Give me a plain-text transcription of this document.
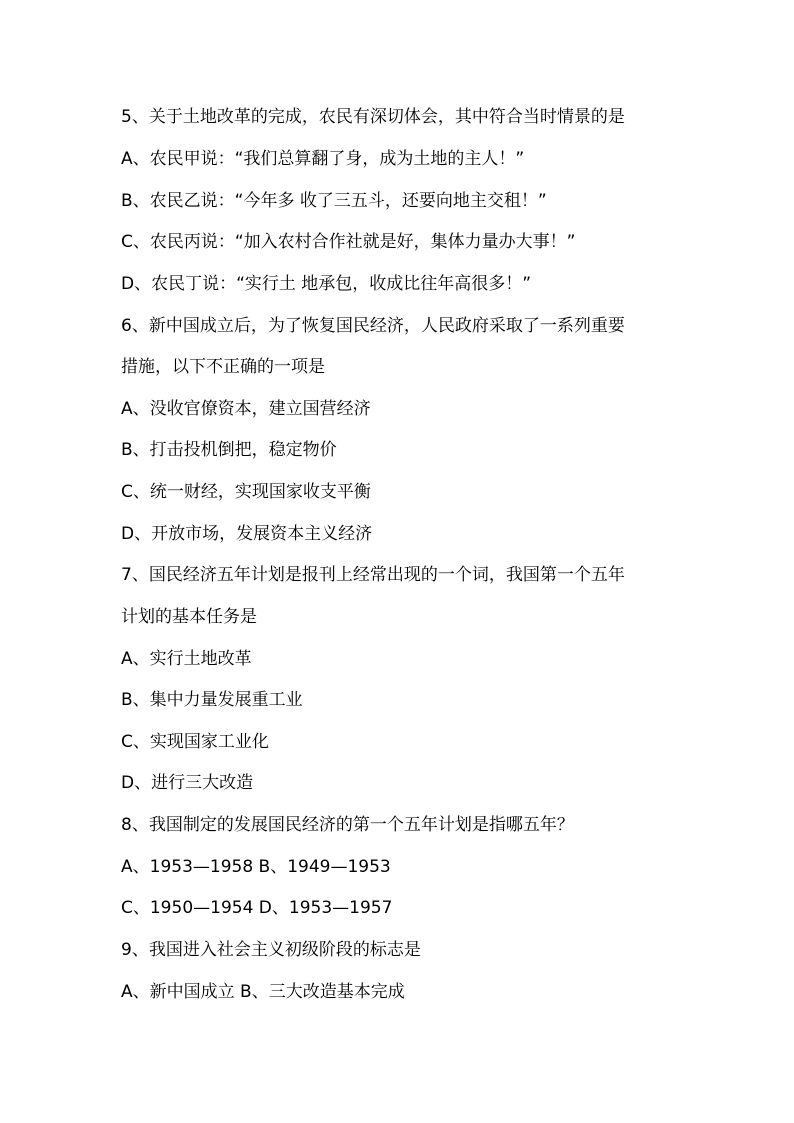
5、关于土地改革的完成，农民有深切体会，其中符合当时情景的是
A、农民甲说：“我们总算翻了身，成为土地的主人！”
B、农民乙说：“今年多 收了三五斗，还要向地主交租！”
C、农民丙说：“加入农村合作社就是好，集体力量办大事！”
D、农民丁说：“实行土 地承包，收成比往年高很多！”
6、新中国成立后，为了恢复国民经济，人民政府采取了一系列重要
措施，以下不正确的一项是
A、没收官僚资本，建立国营经济
B、打击投机倒把，稳定物价
C、统一财经，实现国家收支平衡
D、开放市场，发展资本主义经济
7、国民经济五年计划是报刊上经常出现的一个词，我国第一个五年
计划的基本任务是
A、实行土地改革
B、集中力量发展重工业
C、实现国家工业化
D、进行三大改造
8、我国制定的发展国民经济的第一个五年计划是指哪五年？
A、1953—1958 B、1949—1953
C、1950—1954 D、1953—1957
9、我国进入社会主义初级阶段的标志是
A、新中国成立 B、三大改造基本完成
